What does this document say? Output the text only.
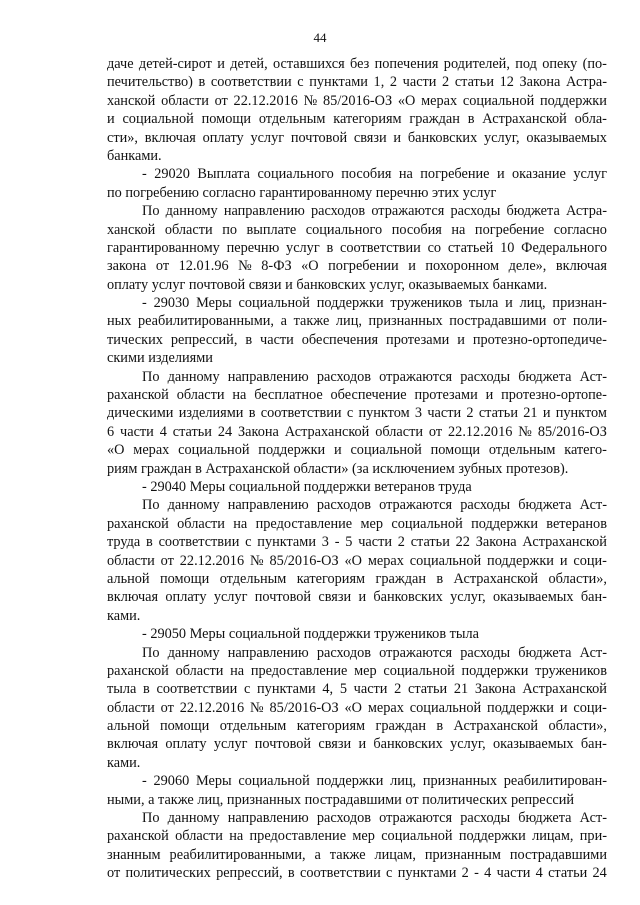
44
даче детей-сирот и детей, оставшихся без попечения родителей, под опеку (по-
печительство) в соответствии с пунктами 1, 2 части 2 статьи 12 Закона Астра-
ханской области от 22.12.2016 № 85/2016-ОЗ «О мерах социальной поддержки
и социальной помощи отдельным категориям граждан в Астраханской обла-
сти», включая оплату услуг почтовой связи и банковских услуг, оказываемых
банками.
- 29020 Выплата социального пособия на погребение и оказание услуг
по погребению согласно гарантированному перечню этих услуг
По данному направлению расходов отражаются расходы бюджета Астра-
ханской области по выплате социального пособия на погребение согласно
гарантированному перечню услуг в соответствии со статьей 10 Федерального
закона от 12.01.96 № 8-ФЗ «О погребении и похоронном деле», включая
оплату услуг почтовой связи и банковских услуг, оказываемых банками.
- 29030 Меры социальной поддержки тружеников тыла и лиц, признан-
ных реабилитированными, а также лиц, признанных пострадавшими от поли-
тических репрессий, в части обеспечения протезами и протезно-ортопедиче-
скими изделиями
По данному направлению расходов отражаются расходы бюджета Аст-
раханской области на бесплатное обеспечение протезами и протезно-ортопе-
дическими изделиями в соответствии с пунктом 3 части 2 статьи 21 и пунктом
6 части 4 статьи 24 Закона Астраханской области от 22.12.2016 № 85/2016-ОЗ
«О мерах социальной поддержки и социальной помощи отдельным катего-
риям граждан в Астраханской области» (за исключением зубных протезов).
- 29040 Меры социальной поддержки ветеранов труда
По данному направлению расходов отражаются расходы бюджета Аст-
раханской области на предоставление мер социальной поддержки ветеранов
труда в соответствии с пунктами 3 - 5 части 2 статьи 22 Закона Астраханской
области от 22.12.2016 № 85/2016-ОЗ «О мерах социальной поддержки и соци-
альной помощи отдельным категориям граждан в Астраханской области»,
включая оплату услуг почтовой связи и банковских услуг, оказываемых бан-
ками.
- 29050 Меры социальной поддержки тружеников тыла
По данному направлению расходов отражаются расходы бюджета Аст-
раханской области на предоставление мер социальной поддержки тружеников
тыла в соответствии с пунктами 4, 5 части 2 статьи 21 Закона Астраханской
области от 22.12.2016 № 85/2016-ОЗ «О мерах социальной поддержки и соци-
альной помощи отдельным категориям граждан в Астраханской области»,
включая оплату услуг почтовой связи и банковских услуг, оказываемых бан-
ками.
- 29060 Меры социальной поддержки лиц, признанных реабилитирован-
ными, а также лиц, признанных пострадавшими от политических репрессий
По данному направлению расходов отражаются расходы бюджета Аст-
раханской области на предоставление мер социальной поддержки лицам, при-
знанным реабилитированными, а также лицам, признанным пострадавшими
от политических репрессий, в соответствии с пунктами 2 - 4 части 4 статьи 24
